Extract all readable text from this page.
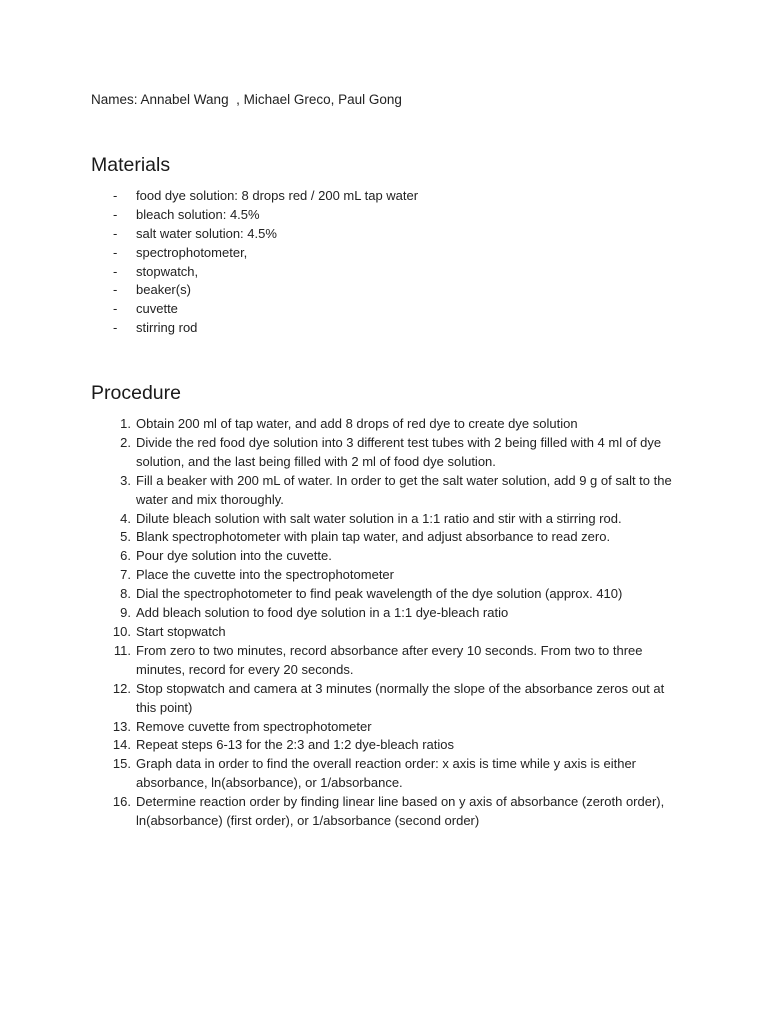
Names: Annabel Wang  , Michael Greco, Paul Gong
Materials
- food dye solution: 8 drops red / 200 mL tap water
- bleach solution: 4.5%
- salt water solution: 4.5%
- spectrophotometer,
- stopwatch,
- beaker(s)
- cuvette
- stirring rod
Procedure
1. Obtain 200 ml of tap water, and add 8 drops of red dye to create dye solution
2. Divide the red food dye solution into 3 different test tubes with 2 being filled with 4 ml of dye solution, and the last being filled with 2 ml of food dye solution.
3. Fill a beaker with 200 mL of water. In order to get the salt water solution, add 9 g of salt to the water and mix thoroughly.
4. Dilute bleach solution with salt water solution in a 1:1 ratio and stir with a stirring rod.
5. Blank spectrophotometer with plain tap water, and adjust absorbance to read zero.
6. Pour dye solution into the cuvette.
7. Place the cuvette into the spectrophotometer
8. Dial the spectrophotometer to find peak wavelength of the dye solution (approx. 410)
9. Add bleach solution to food dye solution in a 1:1 dye-bleach ratio
10. Start stopwatch
11. From zero to two minutes, record absorbance after every 10 seconds. From two to three minutes, record for every 20 seconds.
12. Stop stopwatch and camera at 3 minutes (normally the slope of the absorbance zeros out at this point)
13. Remove cuvette from spectrophotometer
14. Repeat steps 6-13 for the 2:3 and 1:2 dye-bleach ratios
15. Graph data in order to find the overall reaction order: x axis is time while y axis is either absorbance, ln(absorbance), or 1/absorbance.
16. Determine reaction order by finding linear line based on y axis of absorbance (zeroth order), ln(absorbance) (first order), or 1/absorbance (second order)
